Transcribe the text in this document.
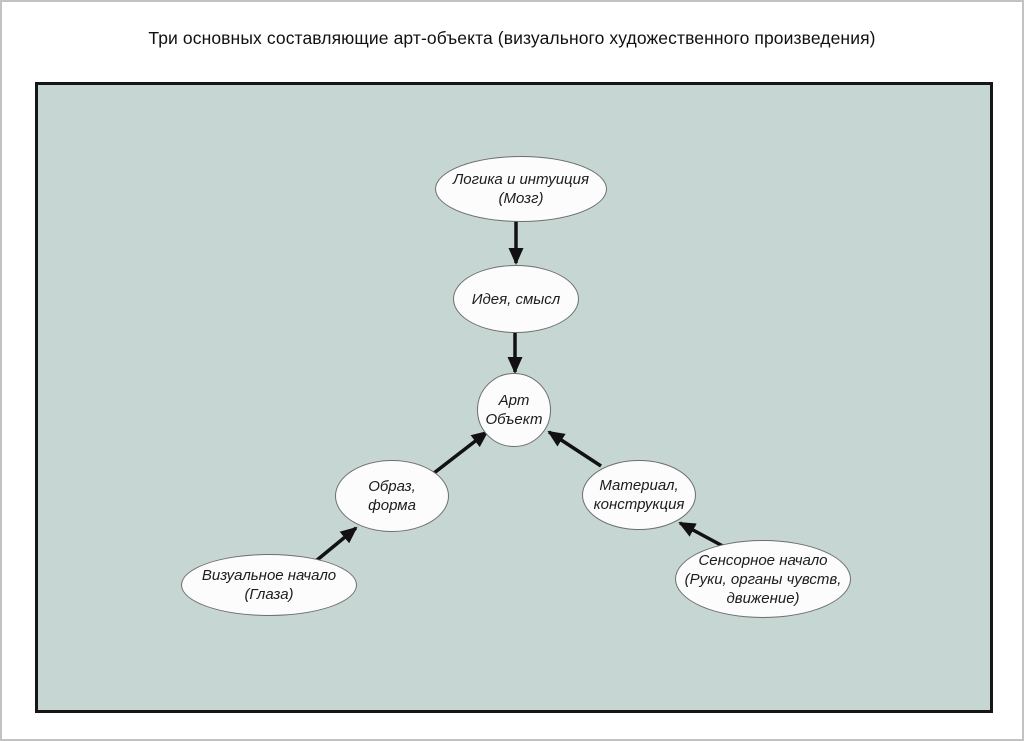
Три основных составляющие арт-объекта (визуального художественного произведения)
Логика и интуиция
(Мозг)
Идея, смысл
Арт
Объект
Образ,
форма
Материал,
конструкция
Визуальное начало
(Глаза)
Сенсорное начало
(Руки, органы чувств,
движение)
